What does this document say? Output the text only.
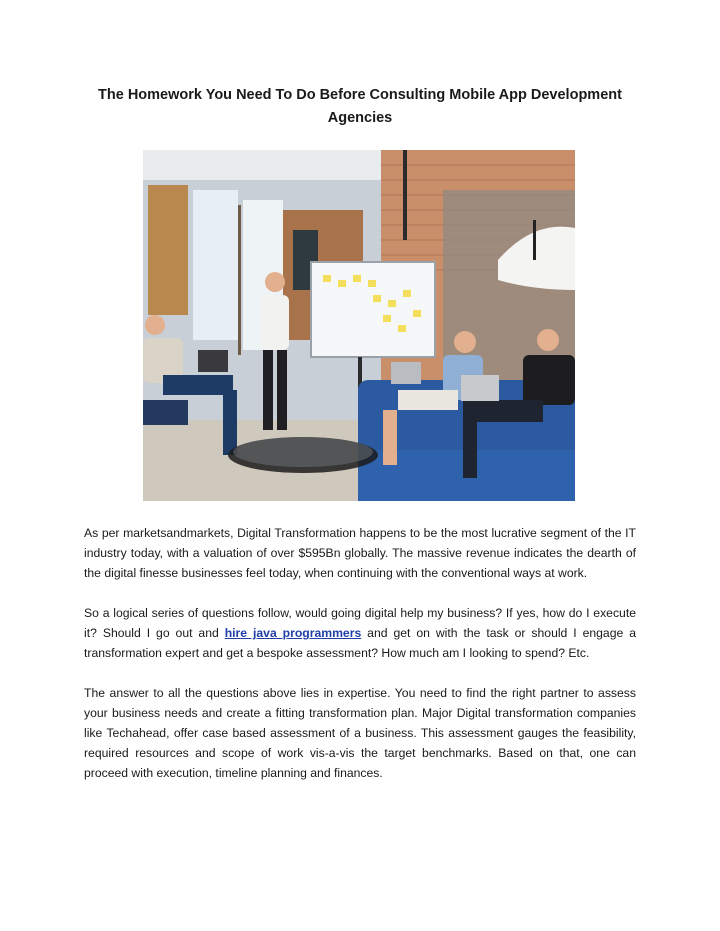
The Homework You Need To Do Before Consulting Mobile App Development Agencies

As per marketsandmarkets, Digital Transformation happens to be the most lucrative segment of the IT industry today, with a valuation of over $595Bn globally. The massive revenue indicates the dearth of the digital finesse businesses feel today, when continuing with the conventional ways at work.

So a logical series of questions follow, would going digital help my business? If yes, how do I execute it? Should I go out and hire java programmers and get on with the task or should I engage a transformation expert and get a bespoke assessment? How much am I looking to spend? Etc.

The answer to all the questions above lies in expertise. You need to find the right partner to assess your business needs and create a fitting transformation plan. Major Digital transformation companies like Techahead, offer case based assessment of a business. This assessment gauges the feasibility, required resources and scope of work vis-a-vis the target benchmarks. Based on that, one can proceed with execution, timeline planning and finances.
